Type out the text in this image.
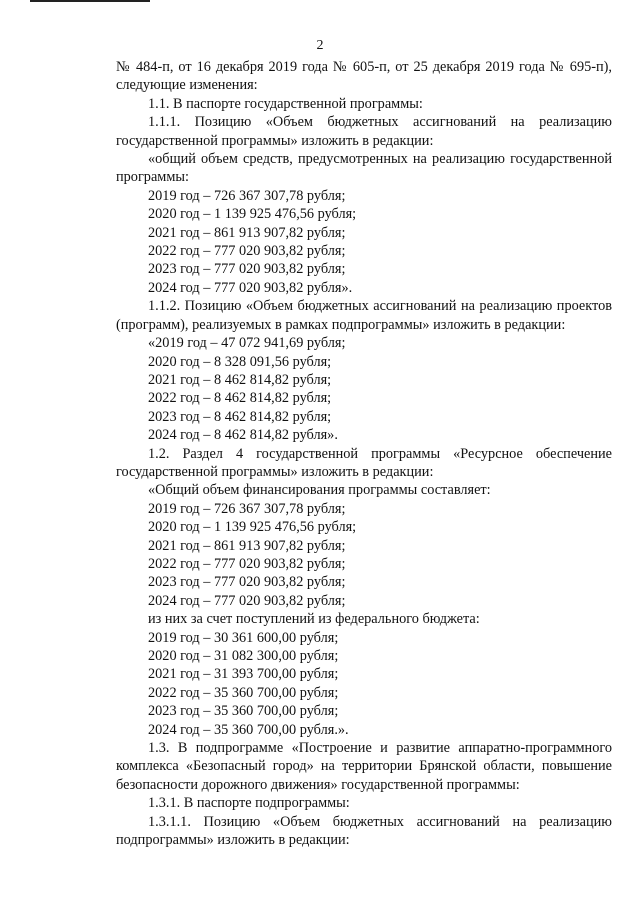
2

№ 484-п, от 16 декабря 2019 года № 605-п, от 25 декабря 2019 года № 695-п), следующие изменения:

1.1. В паспорте государственной программы:

1.1.1. Позицию «Объем бюджетных ассигнований на реализацию государственной программы» изложить в редакции:

«общий объем средств, предусмотренных на реализацию государственной программы:

2019 год – 726 367 307,78 рубля;

2020 год – 1 139 925 476,56 рубля;

2021 год – 861 913 907,82 рубля;

2022 год – 777 020 903,82 рубля;

2023 год – 777 020 903,82 рубля;

2024 год – 777 020 903,82 рубля».

1.1.2. Позицию «Объем бюджетных ассигнований на реализацию проектов (программ), реализуемых в рамках подпрограммы» изложить в редакции:

«2019 год – 47 072 941,69 рубля;

2020 год – 8 328 091,56 рубля;

2021 год – 8 462 814,82 рубля;

2022 год – 8 462 814,82 рубля;

2023 год – 8 462 814,82 рубля;

2024 год – 8 462 814,82 рубля».

1.2. Раздел 4 государственной программы «Ресурсное обеспечение государственной программы» изложить в редакции:

«Общий объем финансирования программы составляет:

2019 год – 726 367 307,78 рубля;

2020 год – 1 139 925 476,56 рубля;

2021 год – 861 913 907,82 рубля;

2022 год – 777 020 903,82 рубля;

2023 год – 777 020 903,82 рубля;

2024 год – 777 020 903,82 рубля;

из них за счет поступлений из федерального бюджета:

2019 год – 30 361 600,00 рубля;

2020 год – 31 082 300,00 рубля;

2021 год – 31 393 700,00 рубля;

2022 год – 35 360 700,00 рубля;

2023 год – 35 360 700,00 рубля;

2024 год – 35 360 700,00 рубля.».

1.3. В подпрограмме «Построение и развитие аппаратно-программного комплекса «Безопасный город» на территории Брянской области, повышение безопасности дорожного движения» государственной программы:

1.3.1. В паспорте подпрограммы:

1.3.1.1. Позицию «Объем бюджетных ассигнований на реализацию подпрограммы» изложить в редакции:
